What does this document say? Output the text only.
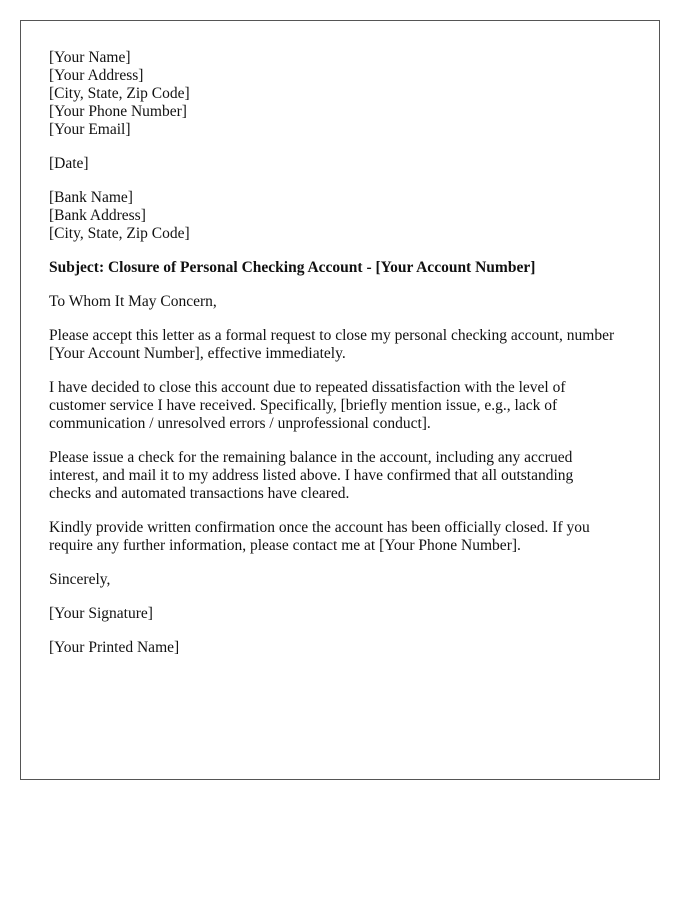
[Your Name]
[Your Address]
[City, State, Zip Code]
[Your Phone Number]
[Your Email]
[Date]
[Bank Name]
[Bank Address]
[City, State, Zip Code]
Subject: Closure of Personal Checking Account - [Your Account Number]

To Whom It May Concern,

Please accept this letter as a formal request to close my personal checking account, number
[Your Account Number], effective immediately.

I have decided to close this account due to repeated dissatisfaction with the level of
customer service I have received. Specifically, [briefly mention issue, e.g., lack of
communication / unresolved errors / unprofessional conduct].

Please issue a check for the remaining balance in the account, including any accrued
interest, and mail it to my address listed above. I have confirmed that all outstanding
checks and automated transactions have cleared.

Kindly provide written confirmation once the account has been officially closed. If you
require any further information, please contact me at [Your Phone Number].

Sincerely,

[Your Signature]

[Your Printed Name]
